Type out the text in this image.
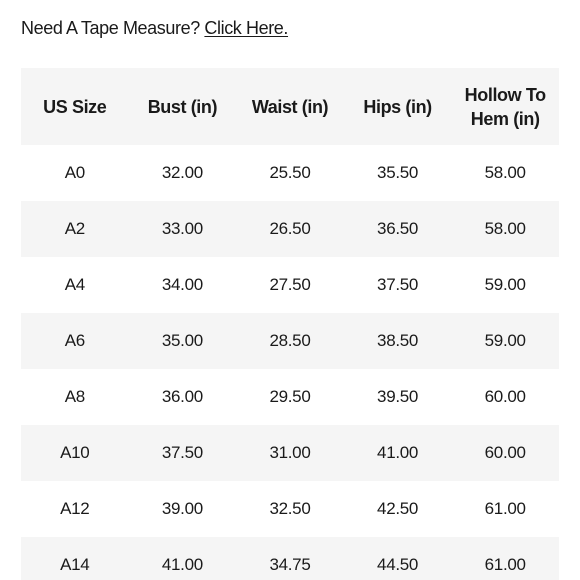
Need A Tape Measure? Click Here.
US Size	Bust (in)	Waist (in)	Hips (in)	Hollow To Hem (in)
A0	32.00	25.50	35.50	58.00
A2	33.00	26.50	36.50	58.00
A4	34.00	27.50	37.50	59.00
A6	35.00	28.50	38.50	59.00
A8	36.00	29.50	39.50	60.00
A10	37.50	31.00	41.00	60.00
A12	39.00	32.50	42.50	61.00
A14	41.00	34.75	44.50	61.00
